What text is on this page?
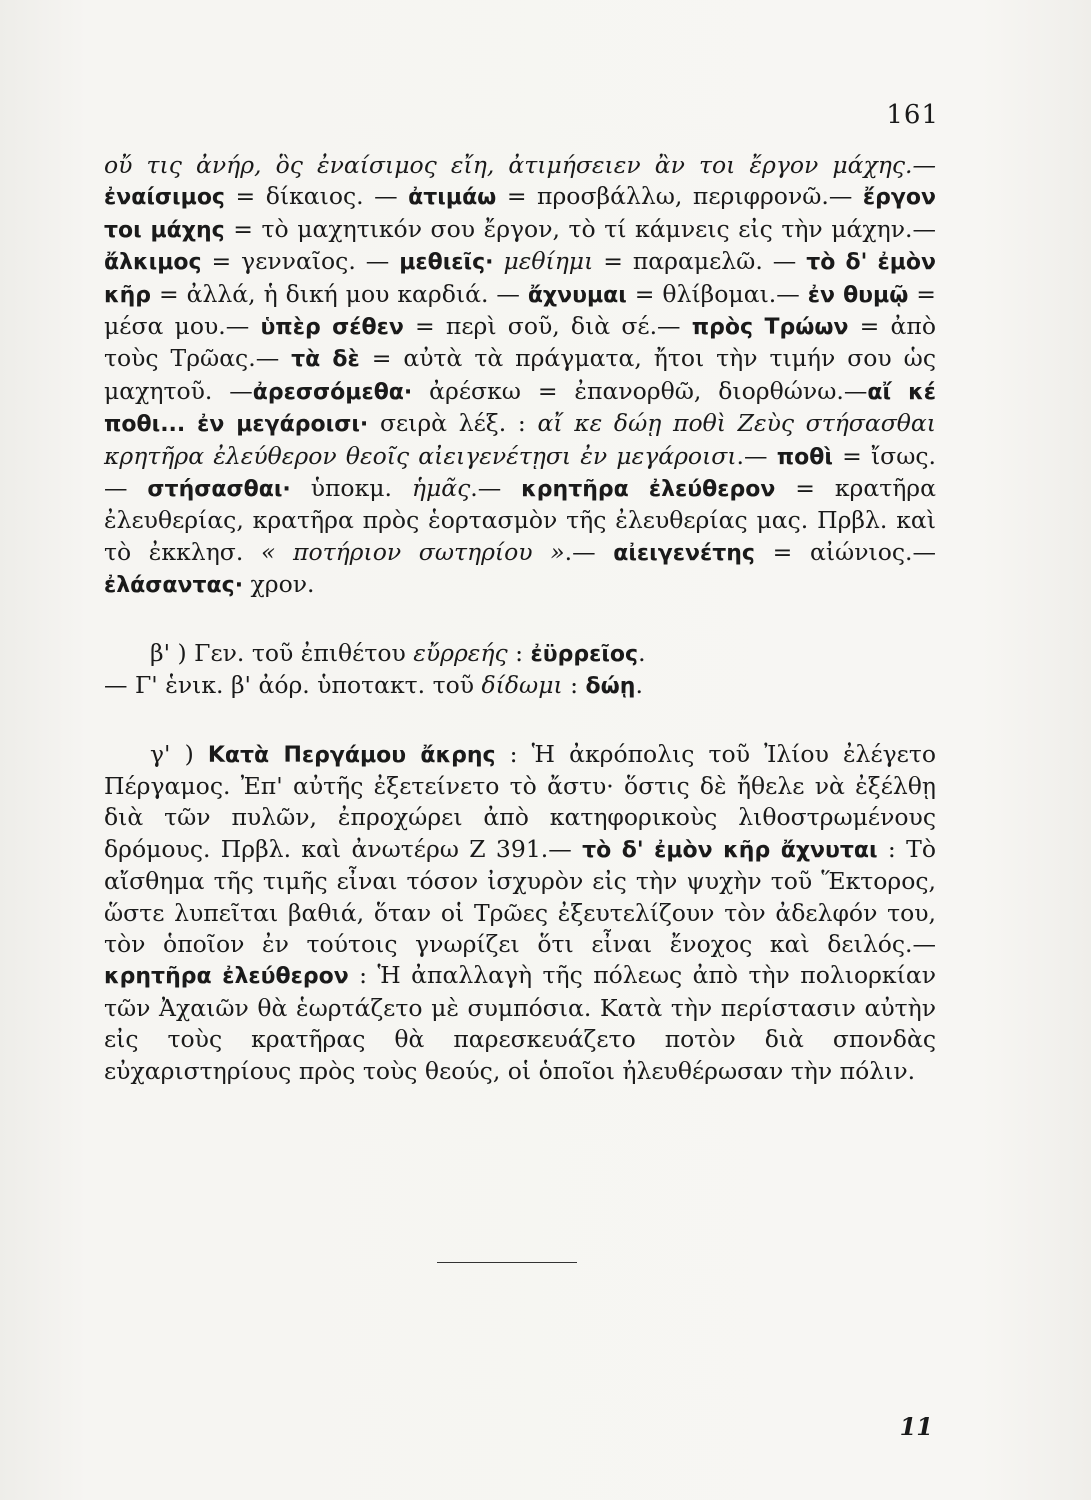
161

οὔ τις ἀνήρ, ὃς ἐναίσιμος εἴη, ἀτιμήσειεν ἂν τοι ἔργον μάχης.— ἐναίσιμος = δίκαιος. — ἀτιμάω = προσβάλλω, περιφρονῶ.— ἔργον τοι μάχης = τὸ μαχητικόν σου ἔργον, τὸ τί κάμνεις εἰς τὴν μάχην.—ἄλκιμος = γενναῖος. — μεθιεῖς· μεθίημι = παραμελῶ. — τὸ δ' ἐμὸν κῆρ = ἀλλά, ἡ δική μου καρδιά. — ἄχνυμαι = θλίβομαι.— ἐν θυμῷ = μέσα μου.— ὑπὲρ σέθεν = περὶ σοῦ, διὰ σέ.— πρὸς Τρώων = ἀπὸ τοὺς Τρῶας.— τὰ δὲ = αὐτὰ τὰ πράγματα, ἤτοι τὴν τιμήν σου ὡς μαχητοῦ. —ἀρεσσόμεθα· ἀρέσκω = ἐπανορθῶ, διορθώνω.—αἴ κέ ποθι... ἐν μεγάροισι· σειρὰ λέξ. : αἴ κε δώῃ ποθὶ Ζεὺς στήσασθαι κρητῆρα ἐλεύθερον θεοῖς αἰειγενέτῃσι ἐν μεγάροισι.— ποθὶ = ἴσως. — στήσασθαι· ὑποκμ. ἡμᾶς.— κρητῆρα ἐλεύθερον = κρατῆρα ἐλευθερίας, κρατῆρα πρὸς ἑορτασμὸν τῆς ἐλευθερίας μας. Πρβλ. καὶ τὸ ἐκκλησ. « ποτήριον σωτηρίου ».— αἰειγενέτης = αἰώνιος.— ἐλάσαντας· χρον.

β' ) Γεν. τοῦ ἐπιθέτου εὔρρεής : ἐϋρρεῖος.

— Γ' ἑνικ. β' ἀόρ. ὑποτακτ. τοῦ δίδωμι : δώῃ.

γ' ) Κατὰ Περγάμου ἄκρης : Ἡ ἀκρόπολις τοῦ Ἰλίου ἐλέγετο Πέργαμος. Ἐπ' αὐτῆς ἐξετείνετο τὸ ἄστυ· ὅστις δὲ ἤθελε νὰ ἐξέλθῃ διὰ τῶν πυλῶν, ἐπροχώρει ἀπὸ κατηφορικοὺς λιθοστρωμένους δρόμους. Πρβλ. καὶ ἀνωτέρω Ζ 391.— τὸ δ' ἐμὸν κῆρ ἄχνυται : Τὸ αἴσθημα τῆς τιμῆς εἶναι τόσον ἰσχυρὸν εἰς τὴν ψυχὴν τοῦ Ἕκτορος, ὥστε λυπεῖται βαθιά, ὅταν οἱ Τρῶες ἐξευτελίζουν τὸν ἀδελφόν του, τὸν ὁποῖον ἐν τούτοις γνωρίζει ὅτι εἶναι ἔνοχος καὶ δειλός.— κρητῆρα ἐλεύθερον : Ἡ ἀπαλλαγὴ τῆς πόλεως ἀπὸ τὴν πολιορκίαν τῶν Ἀχαιῶν θὰ ἑωρτάζετο μὲ συμπόσια. Κατὰ τὴν περίστασιν αὐτὴν εἰς τοὺς κρατῆρας θὰ παρεσκευάζετο ποτὸν διὰ σπονδὰς εὐχαριστηρίους πρὸς τοὺς θεούς, οἱ ὁποῖοι ἠλευθέρωσαν τὴν πόλιν.

11
